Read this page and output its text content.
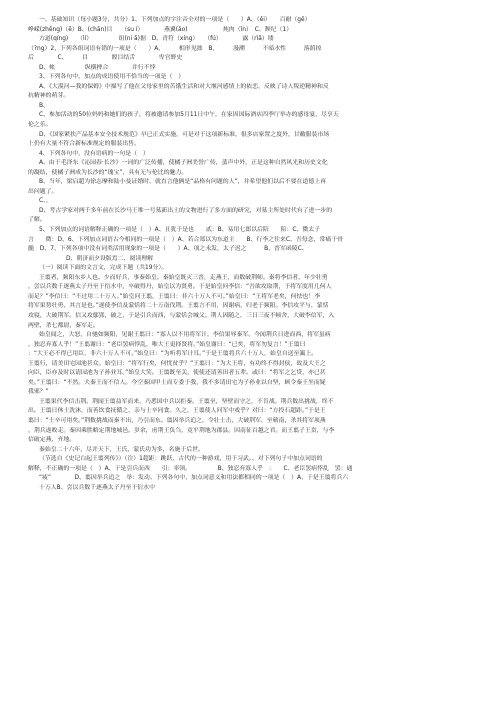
一、基础知识（每小题3分，共分）1、下列加点的字注音全对的一项是（　　）A、（ěi）　　百耐（gē）

峥嵘(zhēng)（ē）B、(chān)目　　（su í）　　　　燕翼(ǎo)　　　　　　炖肉（ǐn）　C、颓纪（1）

方道(qíng)　　（lí）　　　　　组(ni ǎ)据　D、青符（xíng）　　（fú）　　　　露（rìǎ）缕

（?ng）2、下列各组词语有错的一项是（　　）A、　　　相形见拙　B、　　　漫溯　　　不暗水性　　　落荫掠

后　　　　C、　　　目　　　　瞠目结舌　　　　卑官野史

D、帐　　　　　纵横捭合　　　　并行不悖

3、下列各句中，加点的成语使用不恰当的一项是（　）

A、《大漠河—我的保姆》中描写了他在父母家里的苦饿生活和对大堰河感情上的依恋，反映了诗人叛逆精神和反

抗精神的萌芽。

B、

C、参加活动的50位妈妈和她们的孩子，将被邀请参加5月11日中午，在家因国际酒店四季厅举办的感母宴，尽享天

伦之乐。

D、《国家紧扶产品基本安全技术规范》早已正式实施，可是对于这项新标准，很多店家置之度外，甘敝服装市场

上仍有大量不符合新标准规定的服装出售。

4、下列各句中，没有语病的一句是（　）

A、由于毛泽东《沁园春·长沙》一词的广泛传播，使橘子洲美誉广传，蜚声中外，正是这种自然风光和历史文化

的凝结，使橘子洲成为长沙的“瑰宝”，具有无与伦比的魅力。

B、当年，梁启超为徐志摩和陆小曼证婚时，就直言他俩是“品格有问题的人”，并希望他们以后不要在道德上再

出问题了。

C、，

D、考古学家对两千多年前在长沙马王堆一号墓新出土的文物进行了多方面的研究，对墓主所处时代有了进一步的

了解。

5、下列加点的词语解释正确的一项是（　）A、且犹于是也　　贰：B、易用七郎以后陪　　陪：C、微太子

言　　微：D、6、下列加点词语古今相同的一项是（　）A、若合郑以为东道主　　B、行李之往来C、吾每念，常痛于骨

髓　D、7、下列各项中没有词类活用现象的一项是（　　）A、项之未发，太子迟之　　　B、晋军函陵C、

D、朝济而夕设版焉二、阅读理解

（一）阅读下面的文言文，完成下题（共19分）。

王翦者，频阳东乡人也。少而好兵，事秦始皇。秦始皇既灭三晋，走燕王，而数破荆师。秦将李信者，年少壮勇

，尝以兵数千逐燕太子丹至于衍水中，卒破得丹，始皇以为贤勇。于是始皇问李信：“吾欲攻取荆，于将军度用几何人

而足？”李信曰：“不过用二十万人。”始皇问王翦，王翦曰：非六十万人不可。”始皇曰：“王将军老矣，何怯也！李

将军果势壮勇，其言是也。”遂使李信及蒙恬将二十万南伐荆。王翦言不用，因谢病，归老于频阳。李信攻平与，蒙恬

攻寝，大破荆军。信又攻鄢郢，破之，于是引兵而西，与蒙恬会城父。荆人因随之，三日三夜不顿舍，大破李信军，入

两壁，杀七都尉，秦军走。

始皇闻之，大怒，自驰如频阳，见谢王翦曰：“寡人以不用将军计，李信果辱秦军。今闻荆兵日进而西，将军虽病

，独忍弃寡人乎！”王翦谢曰：“老臣罢病悖乱，唯大王更择贤将。”始皇谢曰：“已矣，将军勿复言！”王翦曰

：“大王必不得已用臣，非六十万人不可。”始皇曰：“为听将军计耳。”于是王翦将兵六十万人，始皇自送至灞上。

王翦行，请美田宅园池甚众。始皇曰：“将军行矣，何忧贫乎？”王翦曰：“为大王将，有功终不得封侯，故及大王之

向臣，臣亦及时以请园池为子孙业耳。”始皇大笑。王翦既至关，使使还请善田者五辈。或曰：“将军之乞贷，亦已甚

矣。”王翦曰：“不然。夫秦王而不信人。今空秦国甲士而专委于我，我不多请田宅为子孙业以自坚，顾令秦王坐而疑

我邪？”

王翦果代李信击荆。荆闻王翦益军而来，乃悉国中兵以拒秦。王翦至，坚壁而守之，不肯战。荆兵数出挑战，终不

出。王翦日休士洗沐，而善饮食抚循之，亲与士卒同食。久之，王翦使人问军中戏乎？对曰：“方投石超距。”于是王

翦曰：“士卒可用矣。”荆数挑战而秦不出，乃引而东。翦因举兵追之，令壮士击，大破荆军，至蕲南，杀其将军项燕

，荆兵遂败走。秦因乘胜略定荆地城邑。岁余，虏荆王负刍，竟平荆地为郡县。因南征百越之君。而王翦子王贲，与李

信破定燕、齐地。

秦始皇二十六年，尽并天下，王氏、蒙氏功为多，名施于后世。

（节选自《史记白起王翦列传》）（注）1超距：跳跃，古代的一种游戏，用于习武。、对下列句子中加点词语的

解释，不正确的一项是（　）A、于是引兵而西　　引：率领。　　　　　B、独忍弃寡人乎　：　　C、老臣罢病悖乱　罢：通

“疲”　　　　D、翦因举兵追之　举：发动。下列各句中，加点词意义和用法都相同的一项是（　）A、于是王翦将兵六

十万人B、尝以兵数千逐燕太子丹至于衍水中
